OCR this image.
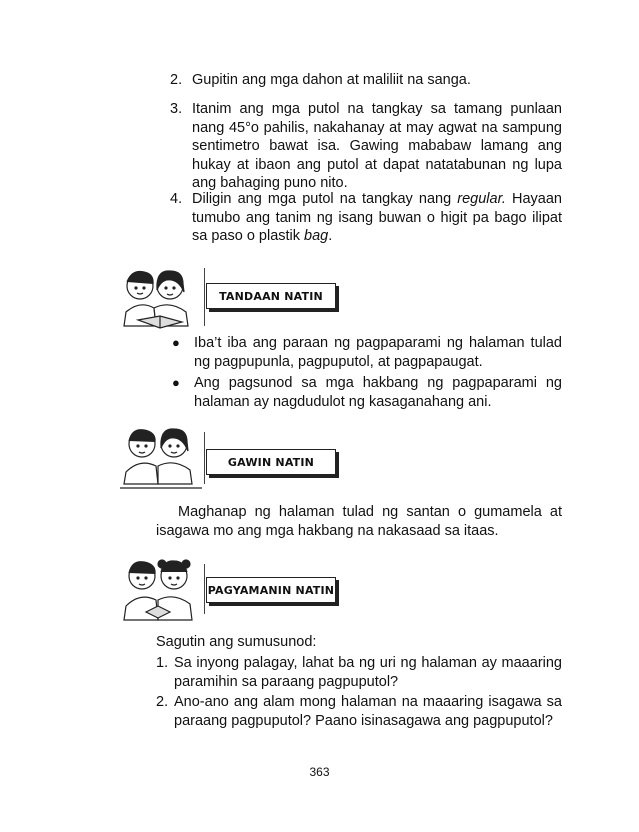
2. Gupitin ang mga dahon at maliliit na sanga.
3. Itanim ang mga putol na tangkay sa tamang punlaan nang 45°o pahilis, nakahanay at may agwat na sampung sentimetro bawat isa. Gawing mababaw lamang ang hukay at ibaon ang putol at dapat natatabunan ng lupa ang bahaging puno nito.
4. Diligin ang mga putol na tangkay nang regular. Hayaan tumubo ang tanim ng isang buwan o higit pa bago ilipat sa paso o plastik bag.
TANDAAN NATIN
● Iba’t iba ang paraan ng pagpaparami ng halaman tulad ng pagpupunla, pagpuputol, at pagpapaugat.
● Ang pagsunod sa mga hakbang ng pagpaparami ng halaman ay nagdudulot ng kasaganahang ani.
GAWIN NATIN
Maghanap ng halaman tulad ng santan o gumamela at isagawa mo ang mga hakbang na nakasaad sa itaas.
PAGYAMANIN NATIN
Sagutin ang sumusunod:
1. Sa inyong palagay, lahat ba ng uri ng halaman ay maaaring paramihin sa paraang pagpuputol?
2. Ano-ano ang alam mong halaman na maaaring isagawa sa paraang pagpuputol? Paano isinasagawa ang pagpuputol?
363
